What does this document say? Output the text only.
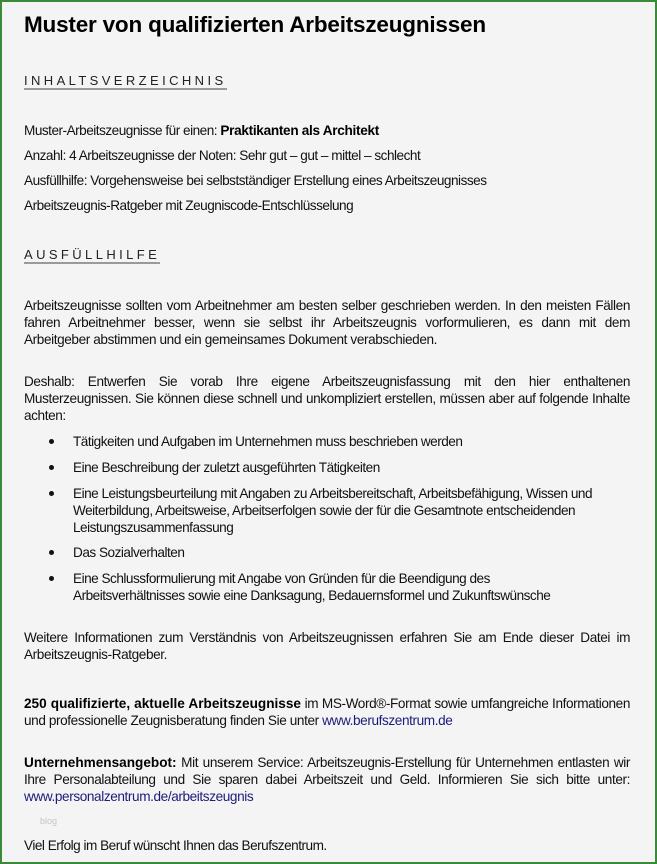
Muster von qualifizierten Arbeitszeugnissen
INHALTSVERZEICHNIS
Muster-Arbeitszeugnisse für einen: Praktikanten als Architekt
Anzahl: 4 Arbeitszeugnisse der Noten: Sehr gut – gut – mittel – schlecht
Ausfüllhilfe: Vorgehensweise bei selbstständiger Erstellung eines Arbeitszeugnisses
Arbeitszeugnis-Ratgeber mit Zeugniscode-Entschlüsselung
AUSFÜLLHILFE
Arbeitszeugnisse sollten vom Arbeitnehmer am besten selber geschrieben werden. In den meisten Fällen fahren Arbeitnehmer besser, wenn sie selbst ihr Arbeitszeugnis vorformulieren, es dann mit dem Arbeitgeber abstimmen und ein gemeinsames Dokument verabschieden.
Deshalb: Entwerfen Sie vorab Ihre eigene Arbeitszeugnisfassung mit den hier enthaltenen Musterzeugnissen. Sie können diese schnell und unkompliziert erstellen, müssen aber auf folgende Inhalte achten:
Tätigkeiten und Aufgaben im Unternehmen muss beschrieben werden
Eine Beschreibung der zuletzt ausgeführten Tätigkeiten
Eine Leistungsbeurteilung mit Angaben zu Arbeitsbereitschaft, Arbeitsbefähigung, Wissen und Weiterbildung, Arbeitsweise, Arbeitserfolgen sowie der für die Gesamtnote entscheidenden Leistungszusammenfassung
Das Sozialverhalten
Eine Schlussformulierung mit Angabe von Gründen für die Beendigung des Arbeitsverhältnisses sowie eine Danksagung, Bedauernsformel und Zukunftswünsche
Weitere Informationen zum Verständnis von Arbeitszeugnissen erfahren Sie am Ende dieser Datei im Arbeitszeugnis-Ratgeber.
250 qualifizierte, aktuelle Arbeitszeugnisse im MS-Word®-Format sowie umfangreiche Informationen und professionelle Zeugnisberatung finden Sie unter www.berufszentrum.de
Unternehmensangebot: Mit unserem Service: Arbeitszeugnis-Erstellung für Unternehmen entlasten wir Ihre Personalabteilung und Sie sparen dabei Arbeitszeit und Geld. Informieren Sie sich bitte unter: www.personalzentrum.de/arbeitszeugnis
blog
Viel Erfolg im Beruf wünscht Ihnen das Berufszentrum.
